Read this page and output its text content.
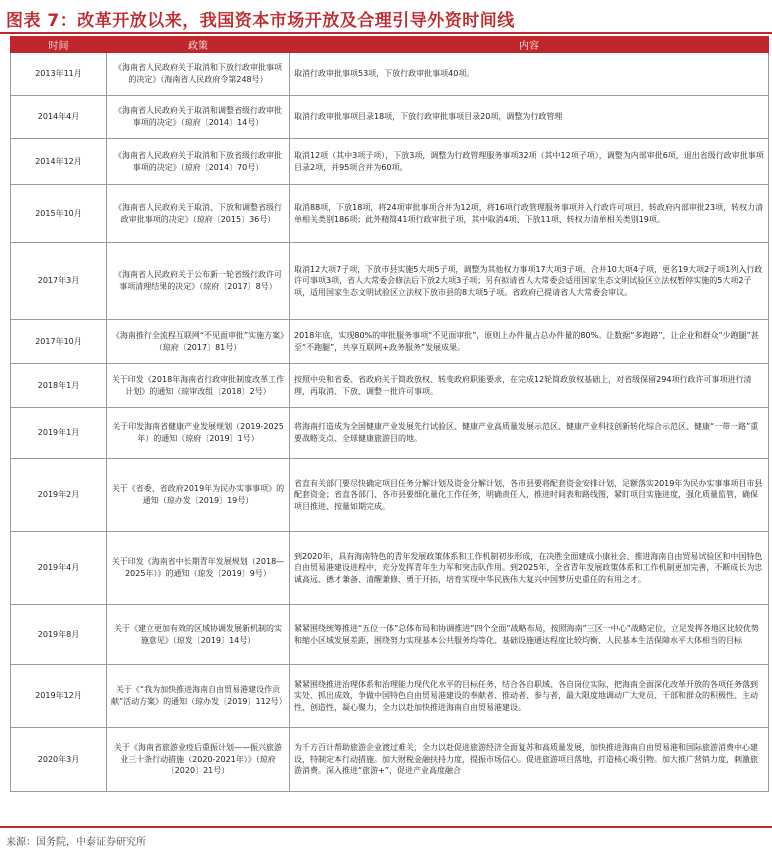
图表 7：改革开放以来，我国资本市场开放及合理引导外资时间线
时间	政策	内容
2013年11月	《海南省人民政府关于取消和下放行政审批事项的决定》（海南省人民政府令第248号）	取消行政审批事项53项，下放行政审批事项40项。
2014年4月	《海南省人民政府关于取消和调整省级行政审批事项的决定》（琼府〔2014〕14号）	取消行政审批事项目录18项，下放行政审批事项目录20项，调整为行政管理
2014年12月	《海南省人民政府关于取消和下放省级行政审批事项的决定》（琼府〔2014〕70号）	取消12项（其中3项子项），下放3项，调整为行政管理服务事项32项（其中12项子项），调整为内部审批6项，退出省级行政审批事项目录2项，并95项合并为60项。
2015年10月	《海南省人民政府关于取消、下放和调整省级行政审批事项的决定》（琼府〔2015〕36号）	取消88项，下放18项，将24项审批事项合并为12项，将16项行政管理服务事项并入行政许可项目，转政府内部审批23项，转权力清单相关类别186项；此外精简41项行政审批子项，其中取消4项、下放11项、转权力清单相关类别19项。
2017年3月	《海南省人民政府关于公布新一轮省级行政许可事项清理结果的决定》（琼府〔2017〕8号）	取消12大项7子项，下放市县实施5大项5子项，调整为其他权力事项17大项3子项，合并10大项4子项，更名19大项2子项1列入行政许可事项3项，省人大常委会修法后下放2大项3子项；另有拟请省人大常委会适用国家生态文明试验区立法权暂停实施的5大项2子项，适用国家生态文明试验区立法权下放市县的8大项5子项。省政府已提请省人大常委会审议。
2017年10月	《海南推行全流程互联网“不见面审批”实施方案》（琼府〔2017〕81号）	2018年底，实现80%的审批服务事项“不见面审批”，原则上办件量占总办件量的80%。让数据“多跑路”，让企业和群众“少跑腿”甚至“不跑腿”，共享互联网+政务服务”发展成果。
2018年1月	关于印发《2018年海南省行政审批制度改革工作计划》的通知（琼审改组〔2018〕2号）	按照中央和省委、省政府关于简政放权、转变政府职能要求，在完成12轮简政放权基础上，对省级保留294项行政许可事项进行清理，再取消、下放、调整一批许可事项。
2019年1月	关于印发海南省健康产业发展规划（2019-2025年）的通知（琼府〔2019〕1号）	将海南打造成为全国健康产业发展先行试验区、健康产业高质量发展示范区、健康产业科技创新转化综合示范区、健康“一带一路”重要战略支点、全球健康旅游目的地。
2019年2月	关于《省委、省政府2019年为民办实事事项》的通知（琼办发〔2019〕19号）	省直有关部门要尽快确定项目任务分解计划及资金分解计划，各市县要将配套资金安排计划，足额落实2019年为民办实事事项目市县配套资金；省直各部门、各市县要细化量化工作任务，明确责任人，推进时间表和路线图，紧盯项目实施进度，强化质量监管，确保项目推进、按量如期完成。
2019年4月	关于印发《海南省中长期青年发展规划（2018—2025年）》的通知（琼发〔2019〕9号）	到2020年，具有海南特色的青年发展政策体系和工作机制初步形成，在决胜全面建成小康社会、推进海南自由贸易试验区和中国特色自由贸易港建设进程中，充分发挥青年生力军和突击队作用。到2025年，全省青年发展政策体系和工作机制更加完善，不断成长为忠诚高远、德才兼备、清醒兼修、勇于开拓，培育实现中华民族伟大复兴中国梦历史重任的有用之才。
2019年8月	关于《建立更加有效的区域协调发展新机制的实施意见》（琼发〔2019〕14号）	紧紧围绕统筹推进“五位一体”总体布局和协调推进“四个全面”战略布局，按照海南“三区一中心”战略定位，立足发挥各地区比较优势和缩小区域发展差距，围绕努力实现基本公共服务均等化、基础设施通达程度比较均衡、人民基本生活保障水平大体相当的目标
2019年12月	关于《“我为加快推进海南自由贸易港建设作贡献”活动方案》的通知（琼办发〔2019〕112号）	紧紧围绕推进治理体系和治理能力现代化水平的目标任务，结合各自职域、各自岗位实际，把海南全面深化改革开放的各项任务落到实处、抓出成效，争做中国特色自由贸易港建设的奉献者、推动者、参与者，最大限度地调动广大党员、干部和群众的积极性、主动性、创造性，凝心聚力，全力以赴加快推进海南自由贸易港建设。
2020年3月	关于《海南省旅游业疫后重振计划——振兴旅游业三十条行动措施（2020-2021年）》（琼府〔2020〕21号）	为千方百计帮助旅游企业渡过难关，全力以赴促进旅游经济全面复苏和高质量发展，加快推进海南自由贸易港和国际旅游消费中心建设，特制定本行动措施。加大财税金融扶持力度，提振市场信心。促进旅游项目落地，打造核心吸引物。加大推广营销力度，刺激旅游消费。深入推进“旅游+”，促进产业高度融合
来源：国务院，中泰证券研究所
